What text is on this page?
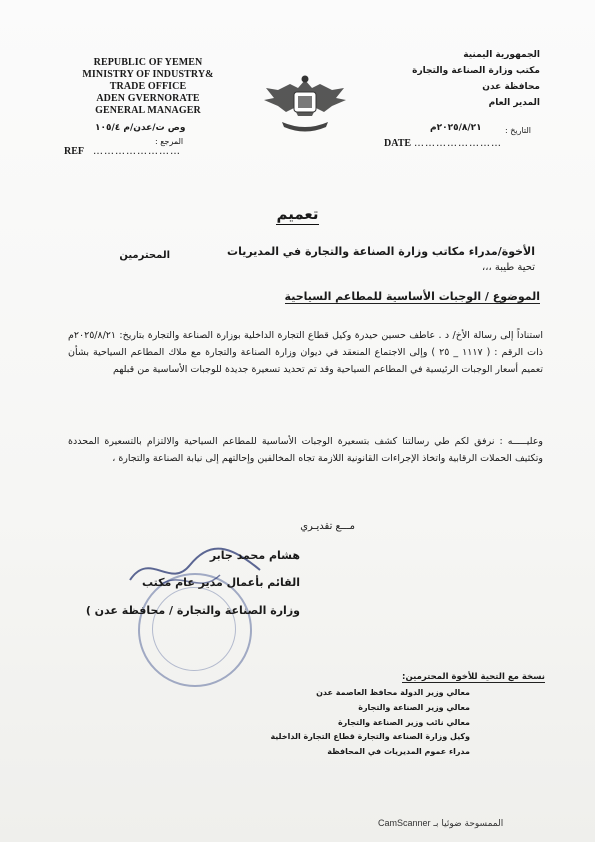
REPUBLIC OF YEMEN
MINISTRY OF INDUSTRY&
TRADE OFFICE
ADEN GVERNORATE
GENERAL MANAGER
الجمهورية اليمنية
مكتب وزارة الصناعة والتجارة
محافظة عدن
المدير العام
وص ت/عدن/م ١٠٥/٤
المرجع :
REF ……………………
DATE ……………………
٢٠٢٥/٨/٢١م	التاريخ :
تعميم
الأخوة/مدراء مكاتب وزارة الصناعة والتجارة في المديريات
المحترمين
تحية طيبة ،،،
الموضوع / الوجبات الأساسية للمطاعم السياحية
استناداً إلى رسالة الأخ/ د . عاطف حسين حيدرة وكيل قطاع التجارة الداخلية بوزارة الصناعة والتجارة بتاريخ: ٢٠٢٥/٨/٢١م ذات الرقم : ( ١١١٧ _ ٢٥ ) وإلى الاجتماع المنعقد في ديوان وزارة الصناعة والتجارة مع ملاك المطاعم السياحية بشأن تعميم أسعار الوجبات الرئيسية في المطاعم السياحية وقد تم تحديد تسعيرة جديدة للوجبات الأساسية من قبلهم
وعليـــــه : نرفق لكم طي رسالتنا كشف بتسعيرة الوجبات الأساسية للمطاعم السياحية والالتزام بالتسعيرة المحددة وتكثيف الحملات الرقابية واتخاذ الإجراءات القانونية اللازمة تجاه المخالفين وإحالتهم إلى نيابة الصناعة والتجارة ،
مـــع تقديـري
هشام محمد جابر
القائم بأعمال مدير عام مكتب
وزارة الصناعة والتجارة / محافظة عدن )
نسخة مع التحية للأخوة المحترمين:
معالي وزير الدولة محافظ العاصمة عدن
معالي وزير الصناعة والتجارة
معالي نائب وزير الصناعة والتجارة
وكيل وزارة الصناعة والتجارة قطاع التجارة الداخلية
مدراء عموم المديريات في المحافظة
CamScanner الممسوحة ضوئيا بـ
